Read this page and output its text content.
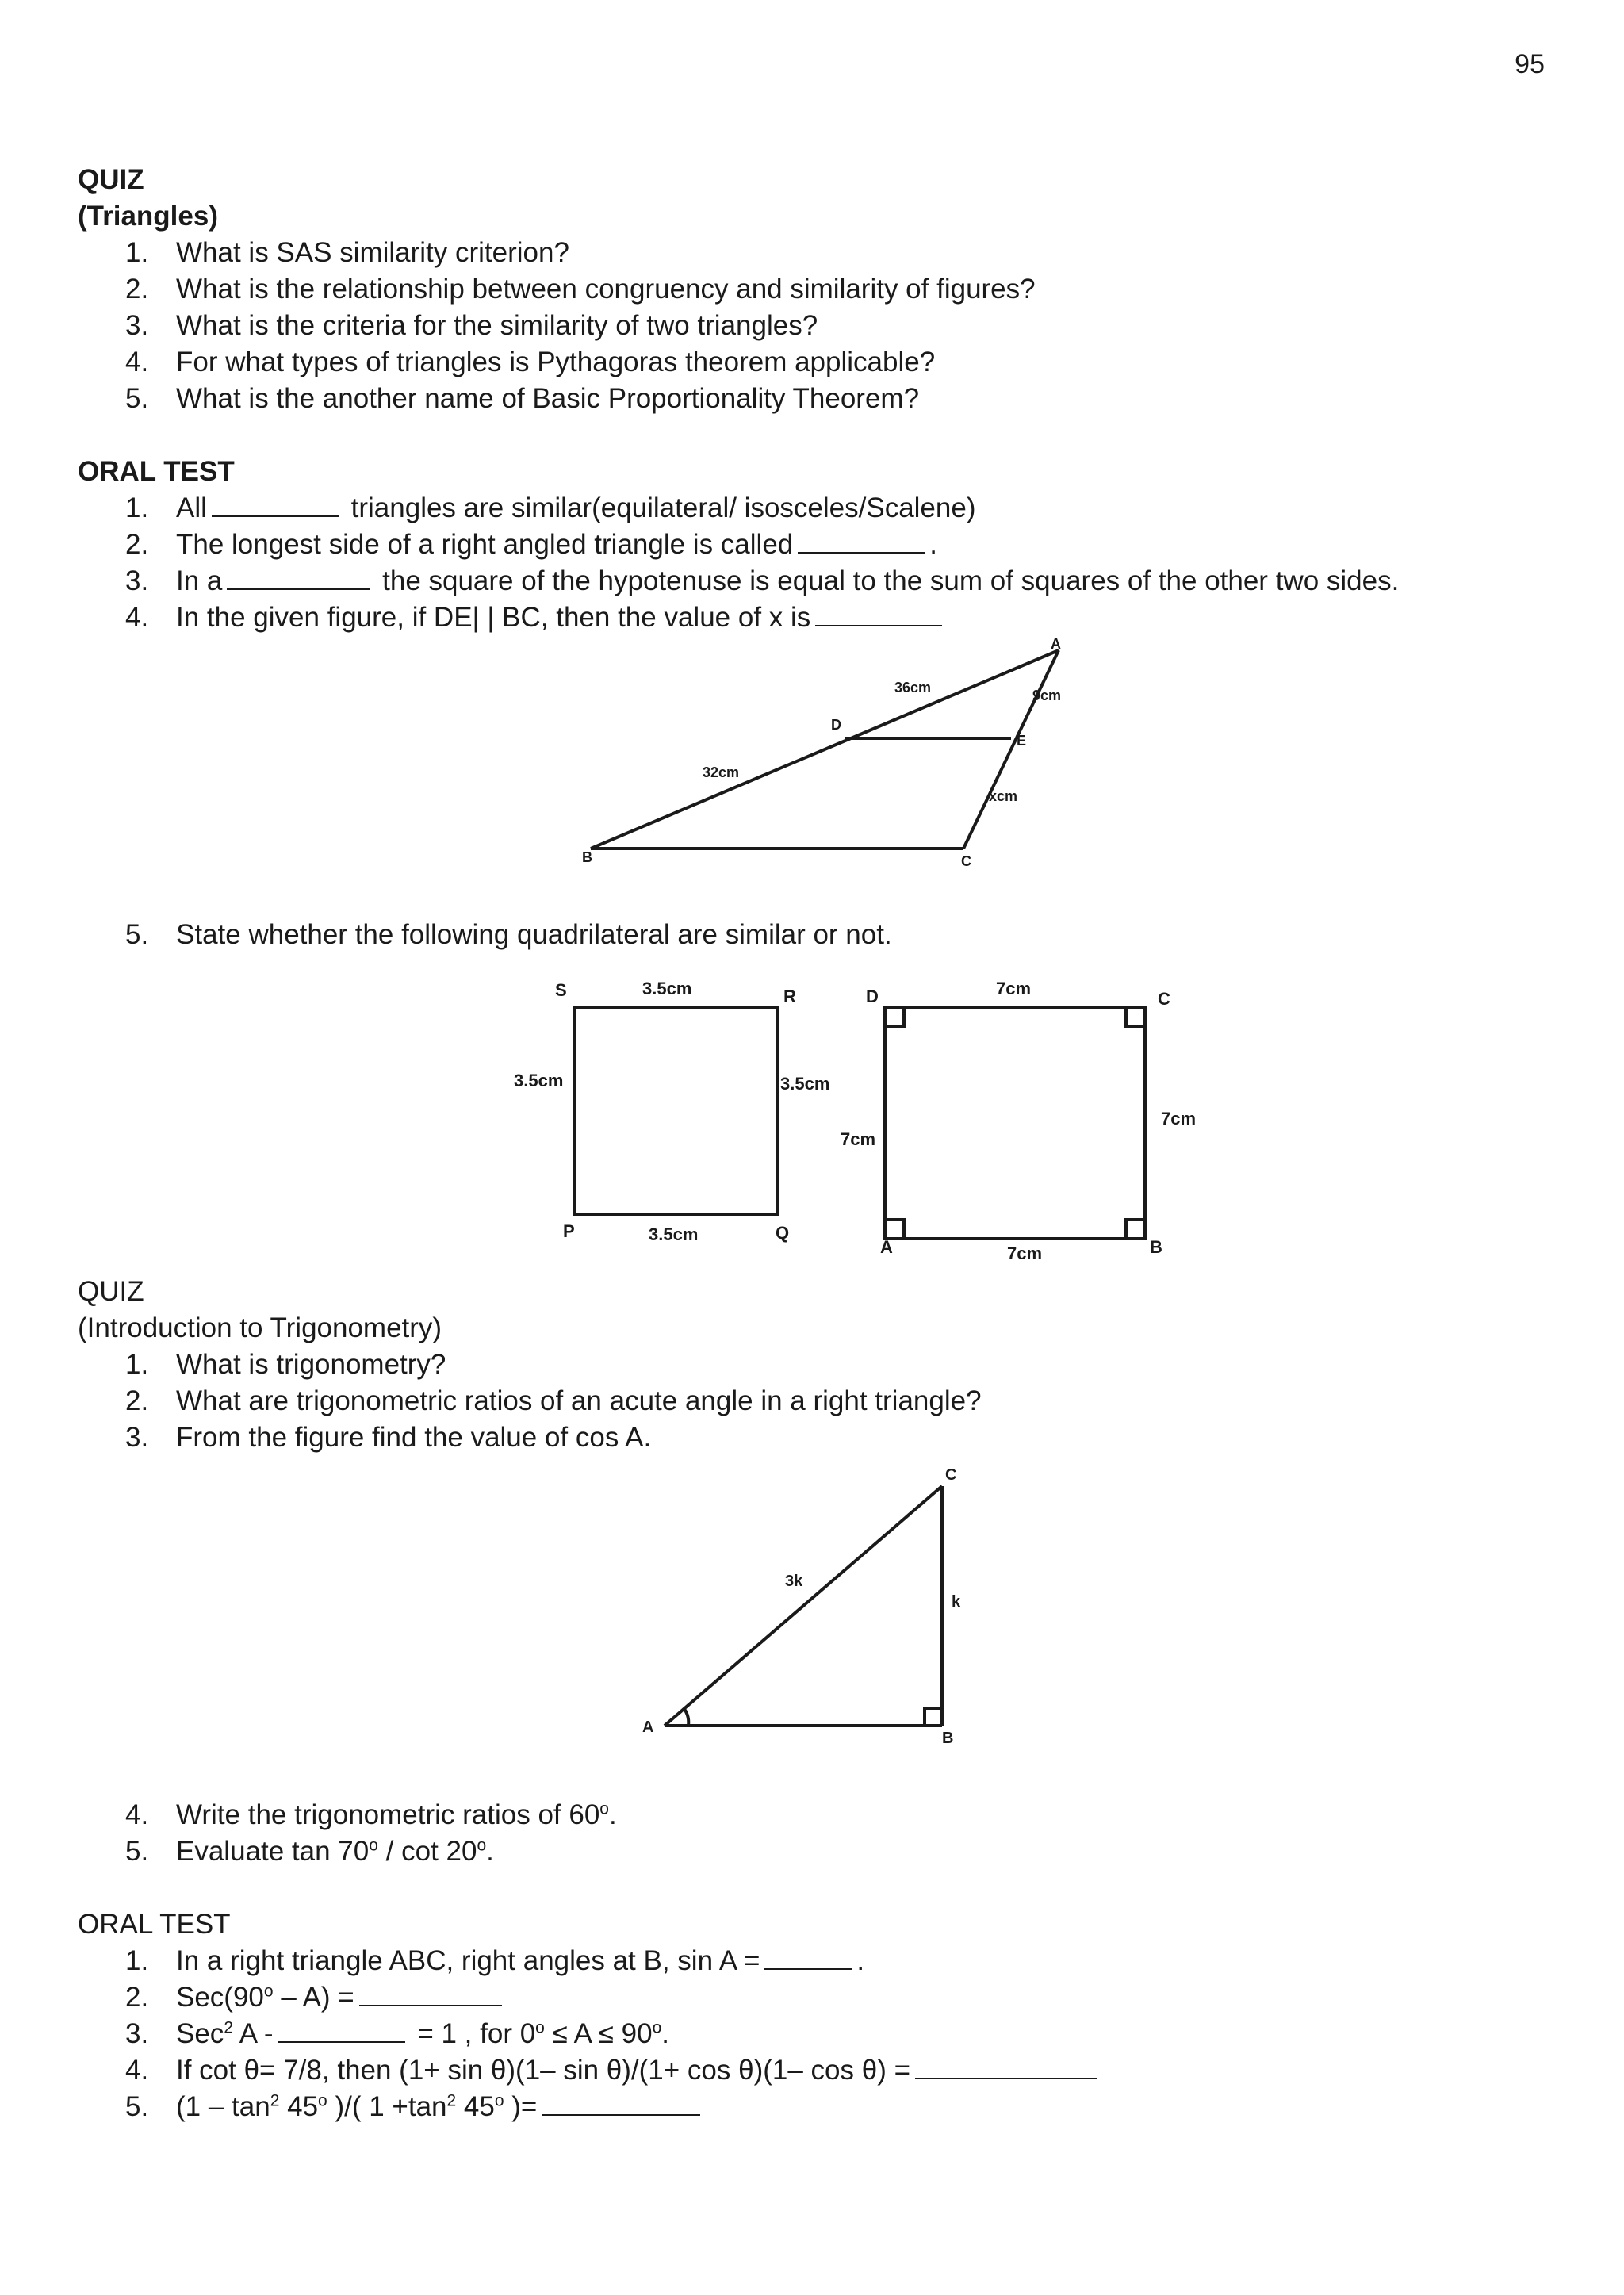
95

QUIZ

(Triangles)

1. What is SAS similarity criterion?
2. What is the relationship between congruency and similarity of figures?
3. What is the criteria for the similarity of two triangles?
4. For what types of triangles is Pythagoras theorem applicable?
5. What is the another name of Basic Proportionality Theorem?

ORAL TEST

1. All	triangles are similar(equilateral/ isosceles/Scalene)
2. The longest side of a right angled triangle is called	.
3. In a	the square of the hypotenuse is equal to the sum of squares of the other two sides.
4. In the given figure, if DE| | BC, then the value of x is
A
B	C
D
E
36cm	9cm
32cm
xcm
5. State whether the following quadrilateral are similar or not.
S	R
P	Q
3.5cm
3.5cm	3.5cm
3.5cm
D	C
A	B
7cm
7cm
7cm
7cm

QUIZ

(Introduction to Trigonometry)

1. What is trigonometry?
2. What are trigonometric ratios of an acute angle in a right triangle?
3. From the figure find the value of cos A.
C
A
B
3k
k
4. Write the trigonometric ratios of 60$^o$.
5. Evaluate tan 70$^o$ / cot 20$^o$.

ORAL TEST

1. In a right triangle ABC, right angles at B, sin A =	.
2. Sec(90$^o$ – A) =
3. Sec$^2$ A -	= 1 , for $0^o \le A \le 90^o$.
4. If cot θ= 7/8, then (1+ sin θ)(1– sin θ)/(1+ cos θ)(1– cos θ) =
5. ($1 - \tan^2 45^o$ )/( $1 +\tan^2$ 45$^o$ )=
